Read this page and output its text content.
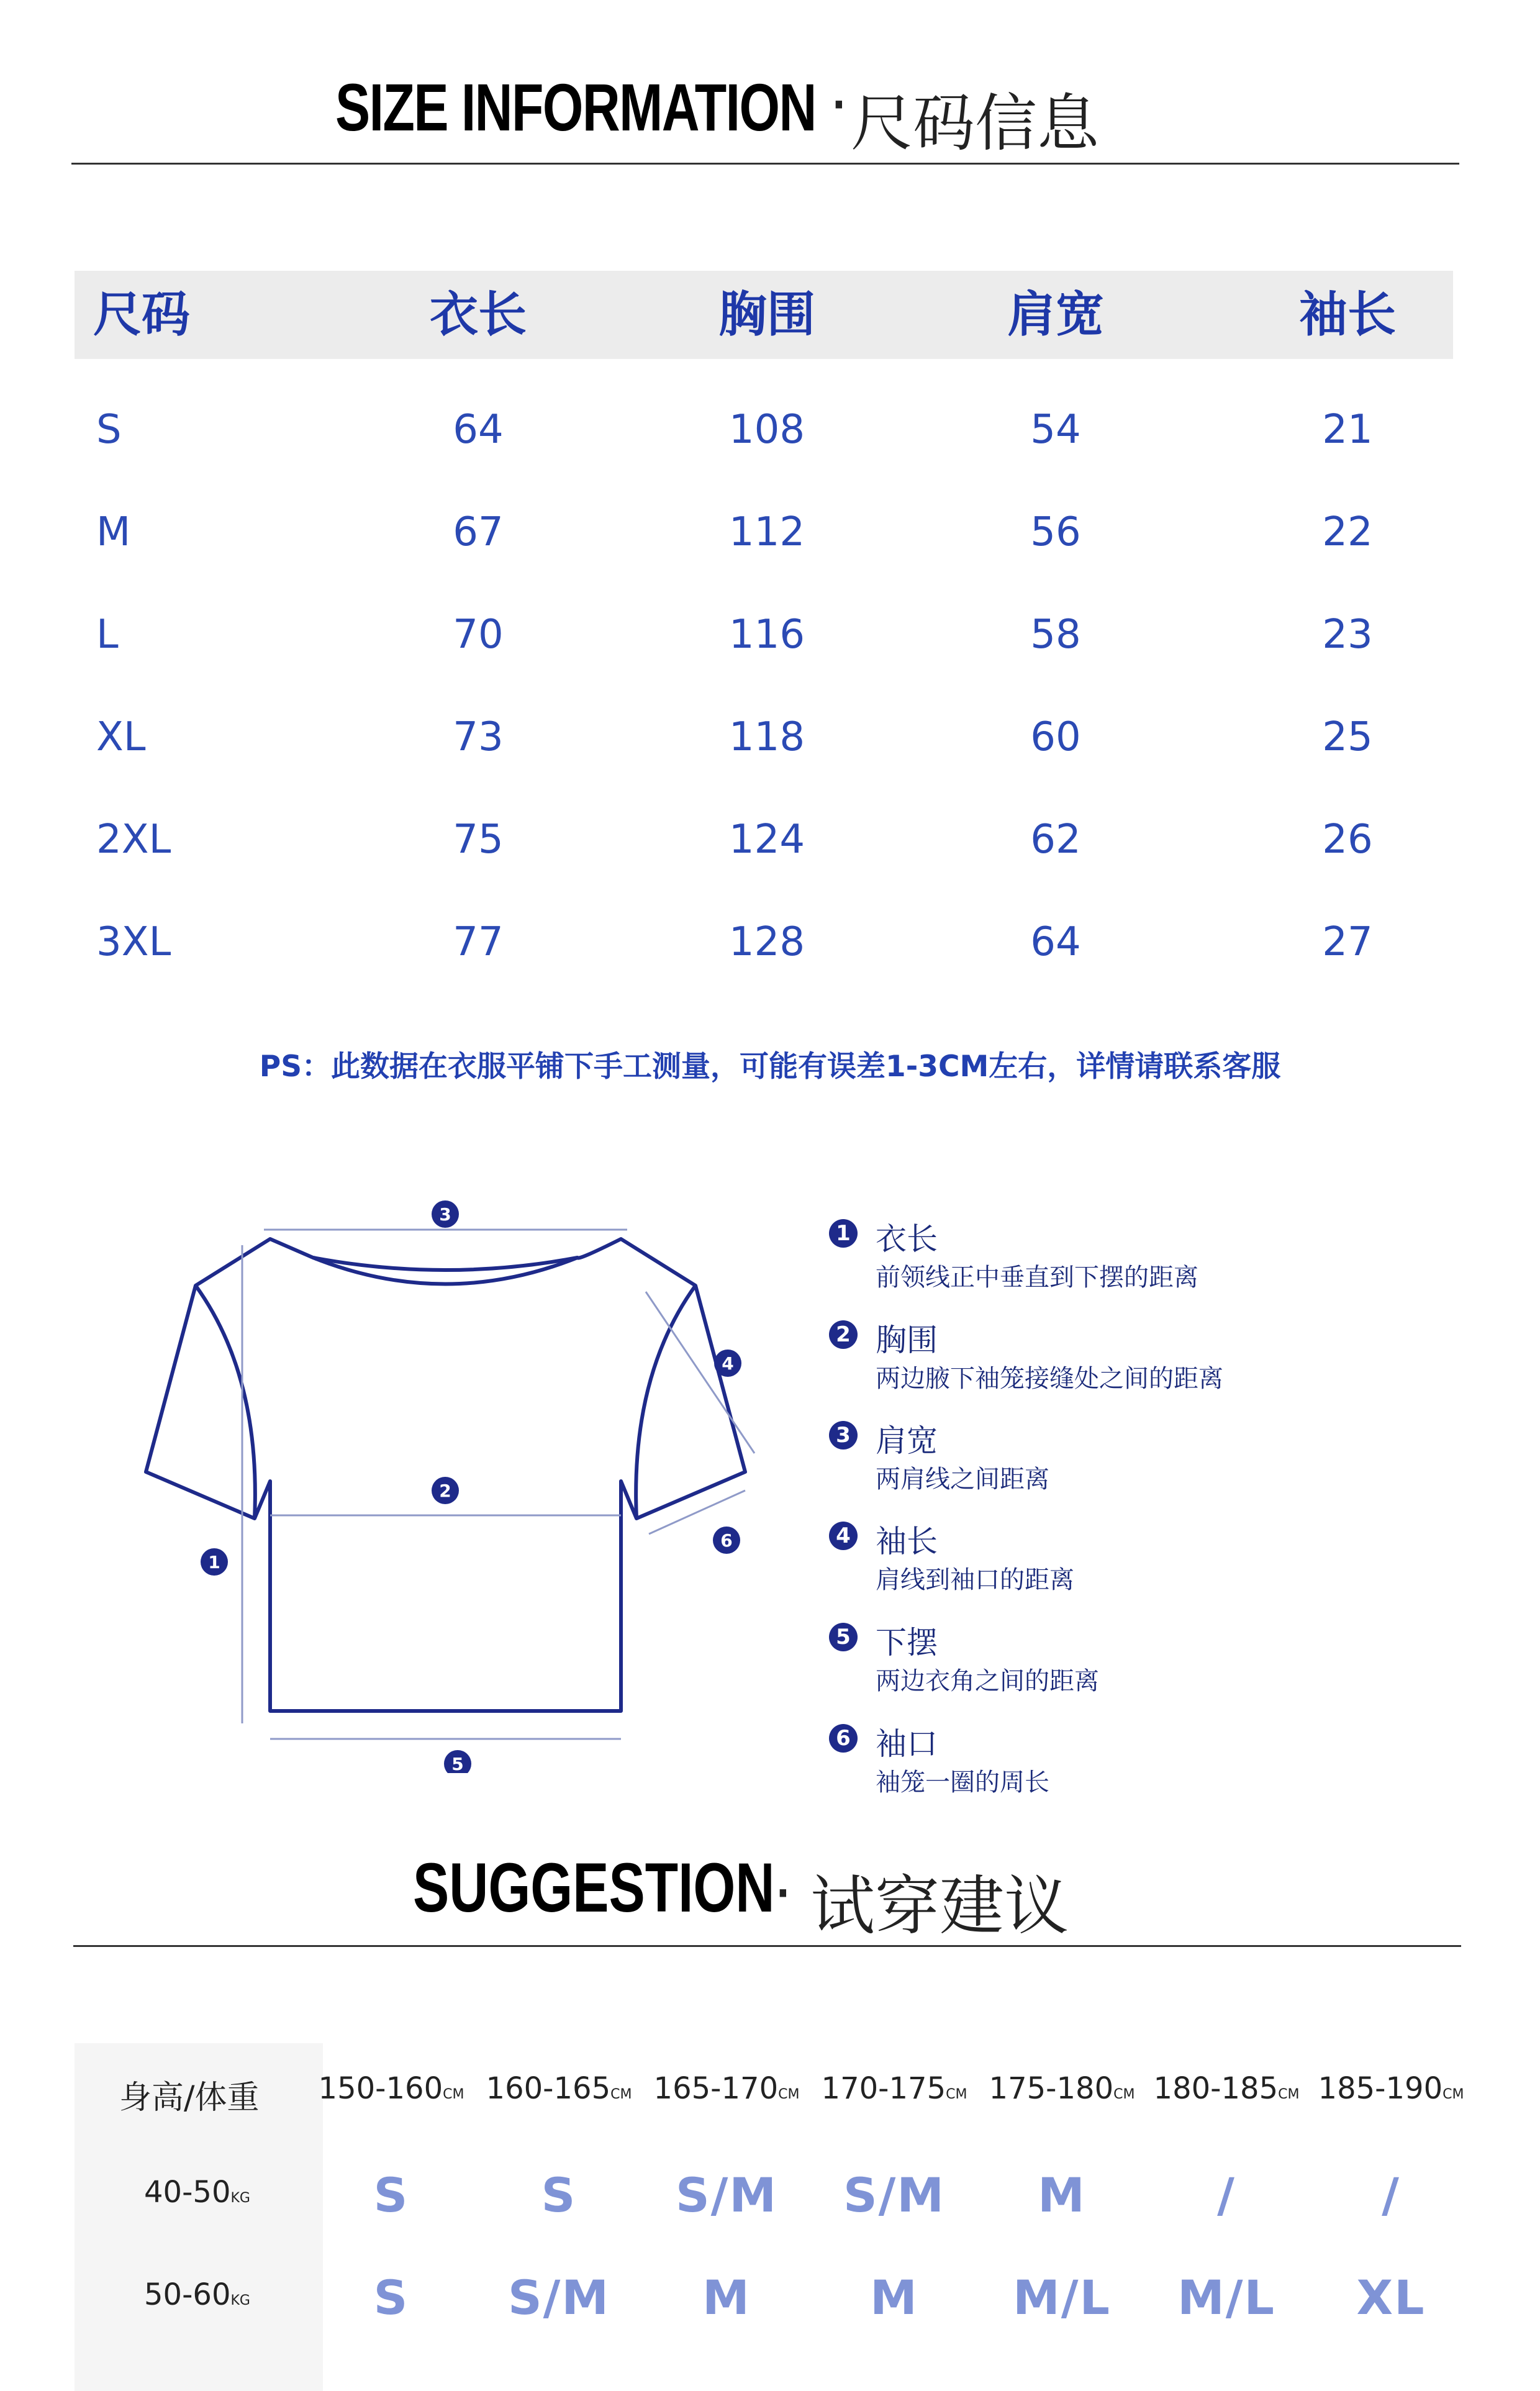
SIZE INFORMATION · 尺码信息
尺码	衣长	胸围	肩宽	袖长
S	64	108	54	21
M	67	112	56	22
L	70	116	58	23
XL	73	118	60	25
2XL	75	124	62	26
3XL	77	128	64	27
PS：此数据在衣服平铺下手工测量，可能有误差1-3CM左右，详情请联系客服
1
2
3
4
5
6
1 衣长
前领线正中垂直到下摆的距离
2 胸围
两边腋下袖笼接缝处之间的距离
3 肩宽
两肩线之间距离
4 袖长
肩线到袖口的距离
5 下摆
两边衣角之间的距离
6 袖口
袖笼一圈的周长
SUGGESTION
· 试穿建议
身高/体重	150-160CM 160-165CM 165-170CM 170-175CM 175-180CM 180-185CM 185-190CM
40-50KG	S	S	S/M	S/M	M	/	/
50-60KG	S	S/M	M	M	M/L	M/L	XL
